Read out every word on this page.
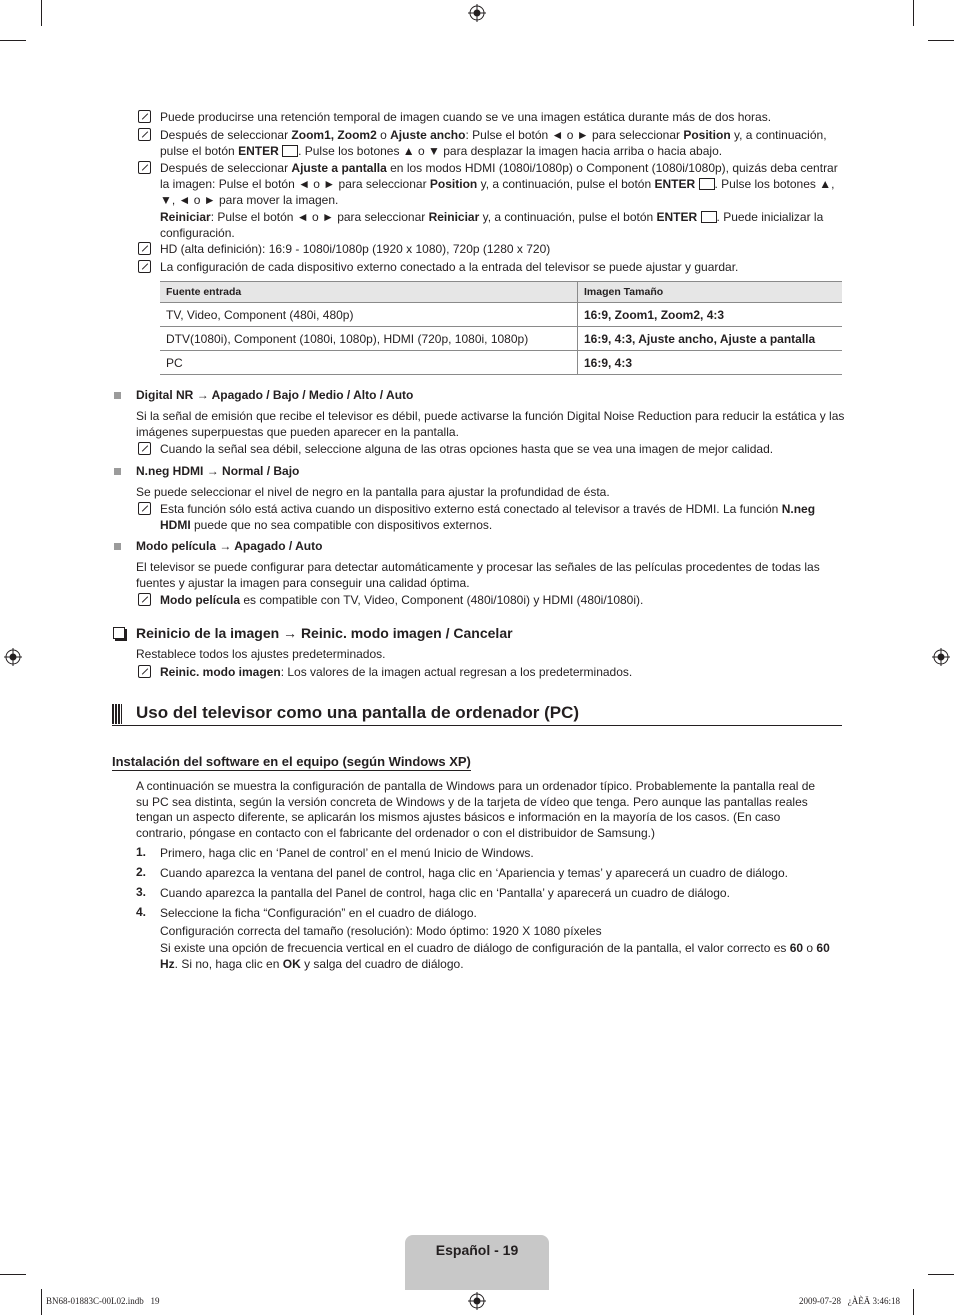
Puede producirse una retención temporal de imagen cuando se ve una imagen estática durante más de dos horas.
Después de seleccionar Zoom1, Zoom2 o Ajuste ancho: Pulse el botón ◄ o ► para seleccionar Position y, a continuación, pulse el botón ENTER . Pulse los botones ▲ o ▼ para desplazar la imagen hacia arriba o hacia abajo.
Después de seleccionar Ajuste a pantalla en los modos HDMI (1080i/1080p) o Component (1080i/1080p), quizás deba centrar la imagen: Pulse el botón ◄ o ► para seleccionar Position y, a continuación, pulse el botón ENTER . Pulse los botones ▲, ▼, ◄ o ► para mover la imagen.
Reiniciar: Pulse el botón ◄ o ► para seleccionar Reiniciar y, a continuación, pulse el botón ENTER . Puede inicializar la configuración.
HD (alta definición): 16:9 - 1080i/1080p (1920 x 1080), 720p (1280 x 720)
La configuración de cada dispositivo externo conectado a la entrada del televisor se puede ajustar y guardar.
Fuente entrada	Imagen Tamaño
TV, Video, Component (480i, 480p)	16:9, Zoom1, Zoom2, 4:3
DTV(1080i), Component (1080i, 1080p), HDMI (720p, 1080i, 1080p)	16:9, 4:3, Ajuste ancho, Ajuste a pantalla
PC	16:9, 4:3
Digital NR → Apagado / Bajo / Medio / Alto / Auto
Si la señal de emisión que recibe el televisor es débil, puede activarse la función Digital Noise Reduction para reducir la estática y las imágenes superpuestas que pueden aparecer en la pantalla.
Cuando la señal sea débil, seleccione alguna de las otras opciones hasta que se vea una imagen de mejor calidad.
N.neg HDMI → Normal / Bajo
Se puede seleccionar el nivel de negro en la pantalla para ajustar la profundidad de ésta.
Esta función sólo está activa cuando un dispositivo externo está conectado al televisor a través de HDMI. La función N.neg HDMI puede que no sea compatible con dispositivos externos.
Modo película → Apagado / Auto
El televisor se puede configurar para detectar automáticamente y procesar las señales de las películas procedentes de todas las fuentes y ajustar la imagen para conseguir una calidad óptima.
Modo película es compatible con TV, Video, Component (480i/1080i) y HDMI (480i/1080i).
Reinicio de la imagen → Reinic. modo imagen / Cancelar
Restablece todos los ajustes predeterminados.
Reinic. modo imagen: Los valores de la imagen actual regresan a los predeterminados.
Uso del televisor como una pantalla de ordenador (PC)
Instalación del software en el equipo (según Windows XP)
A continuación se muestra la configuración de pantalla de Windows para un ordenador típico. Probablemente la pantalla real de su PC sea distinta, según la versión concreta de Windows y de la tarjeta de vídeo que tenga. Pero aunque las pantallas reales tengan un aspecto diferente, se aplicarán los mismos ajustes básicos e información en la mayoría de los casos. (En caso contrario, póngase en contacto con el fabricante del ordenador o con el distribuidor de Samsung.)
1. Primero, haga clic en ‘Panel de control’ en el menú Inicio de Windows.
2. Cuando aparezca la ventana del panel de control, haga clic en ‘Apariencia y temas’ y aparecerá un cuadro de diálogo.
3. Cuando aparezca la pantalla del Panel de control, haga clic en ‘Pantalla’ y aparecerá un cuadro de diálogo.
4. Seleccione la ficha “Configuración” en el cuadro de diálogo.
Configuración correcta del tamaño (resolución): Modo óptimo: 1920 X 1080 píxeles
Si existe una opción de frecuencia vertical en el cuadro de diálogo de configuración de la pantalla, el valor correcto es 60 o 60 Hz. Si no, haga clic en OK y salga del cuadro de diálogo.
Español - 19
BN68-01883C-00L02.indb   19	2009-07-28   ¿ÀÈÄ 3:46:18
